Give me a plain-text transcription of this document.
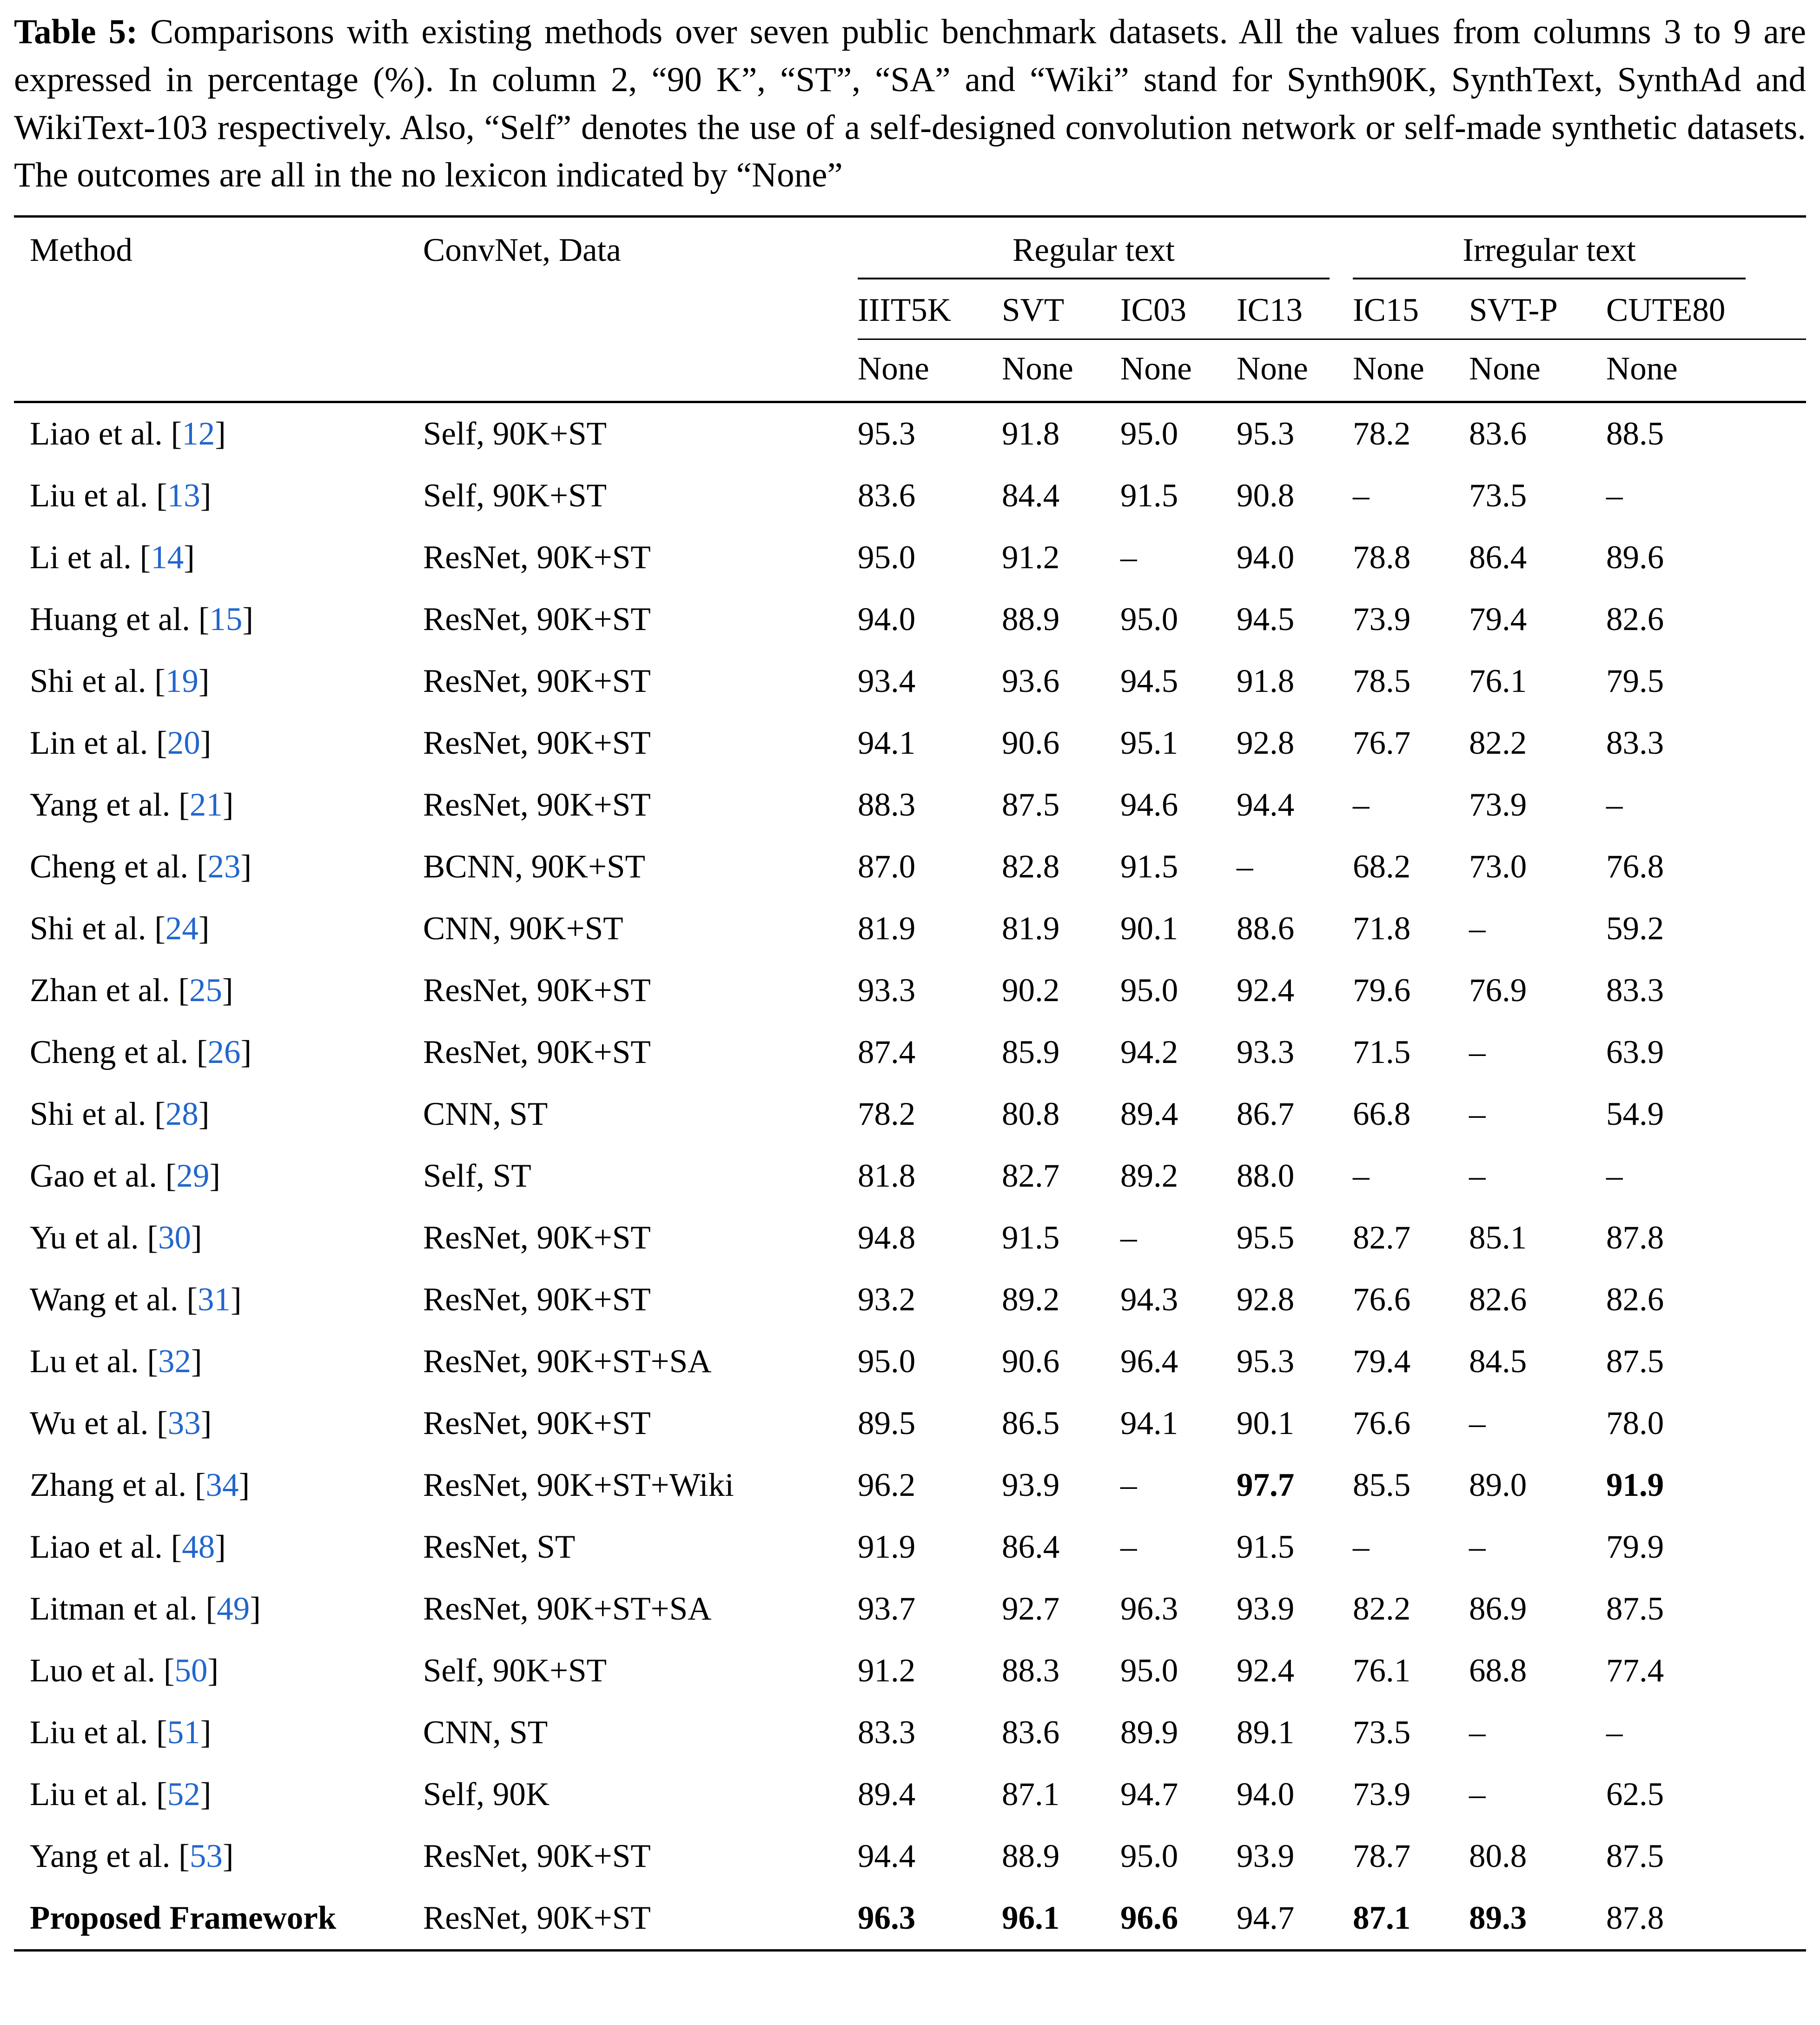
Table 5: Comparisons with existing methods over seven public benchmark datasets. All the values from columns 3 to 9 are expressed in percentage (%). In column 2, “90 K”, “ST”, “SA” and “Wiki” stand for Synth90K, SynthText, SynthAd and WikiText-103 respectively. Also, “Self” denotes the use of a self-designed convolution network or self-made synthetic datasets. The outcomes are all in the no lexicon indicated by “None”

Method	ConvNet, Data	Regular text				Irregular text		

		IIIT5K	SVT	IC03	IC13	IC15	SVT-P	CUTE80
		None	None	None	None	None	None	None
Liao et al. [12]	Self, 90K+ST	95.3	91.8	95.0	95.3	78.2	83.6	88.5
Liu et al. [13]	Self, 90K+ST	83.6	84.4	91.5	90.8	–	73.5	–
Li et al. [14]	ResNet, 90K+ST	95.0	91.2	–	94.0	78.8	86.4	89.6
Huang et al. [15]	ResNet, 90K+ST	94.0	88.9	95.0	94.5	73.9	79.4	82.6
Shi et al. [19]	ResNet, 90K+ST	93.4	93.6	94.5	91.8	78.5	76.1	79.5
Lin et al. [20]	ResNet, 90K+ST	94.1	90.6	95.1	92.8	76.7	82.2	83.3
Yang et al. [21]	ResNet, 90K+ST	88.3	87.5	94.6	94.4	–	73.9	–
Cheng et al. [23]	BCNN, 90K+ST	87.0	82.8	91.5	–	68.2	73.0	76.8
Shi et al. [24]	CNN, 90K+ST	81.9	81.9	90.1	88.6	71.8	–	59.2
Zhan et al. [25]	ResNet, 90K+ST	93.3	90.2	95.0	92.4	79.6	76.9	83.3
Cheng et al. [26]	ResNet, 90K+ST	87.4	85.9	94.2	93.3	71.5	–	63.9
Shi et al. [28]	CNN, ST	78.2	80.8	89.4	86.7	66.8	–	54.9
Gao et al. [29]	Self, ST	81.8	82.7	89.2	88.0	–	–	–
Yu et al. [30]	ResNet, 90K+ST	94.8	91.5	–	95.5	82.7	85.1	87.8
Wang et al. [31]	ResNet, 90K+ST	93.2	89.2	94.3	92.8	76.6	82.6	82.6
Lu et al. [32]	ResNet, 90K+ST+SA	95.0	90.6	96.4	95.3	79.4	84.5	87.5
Wu et al. [33]	ResNet, 90K+ST	89.5	86.5	94.1	90.1	76.6	–	78.0
Zhang et al. [34]	ResNet, 90K+ST+Wiki	96.2	93.9	–	97.7	85.5	89.0	91.9
Liao et al. [48]	ResNet, ST	91.9	86.4	–	91.5	–	–	79.9
Litman et al. [49]	ResNet, 90K+ST+SA	93.7	92.7	96.3	93.9	82.2	86.9	87.5
Luo et al. [50]	Self, 90K+ST	91.2	88.3	95.0	92.4	76.1	68.8	77.4
Liu et al. [51]	CNN, ST	83.3	83.6	89.9	89.1	73.5	–	–
Liu et al. [52]	Self, 90K	89.4	87.1	94.7	94.0	73.9	–	62.5
Yang et al. [53]	ResNet, 90K+ST	94.4	88.9	95.0	93.9	78.7	80.8	87.5
Proposed Framework	ResNet, 90K+ST	96.3	96.1	96.6	94.7	87.1	89.3	87.8
